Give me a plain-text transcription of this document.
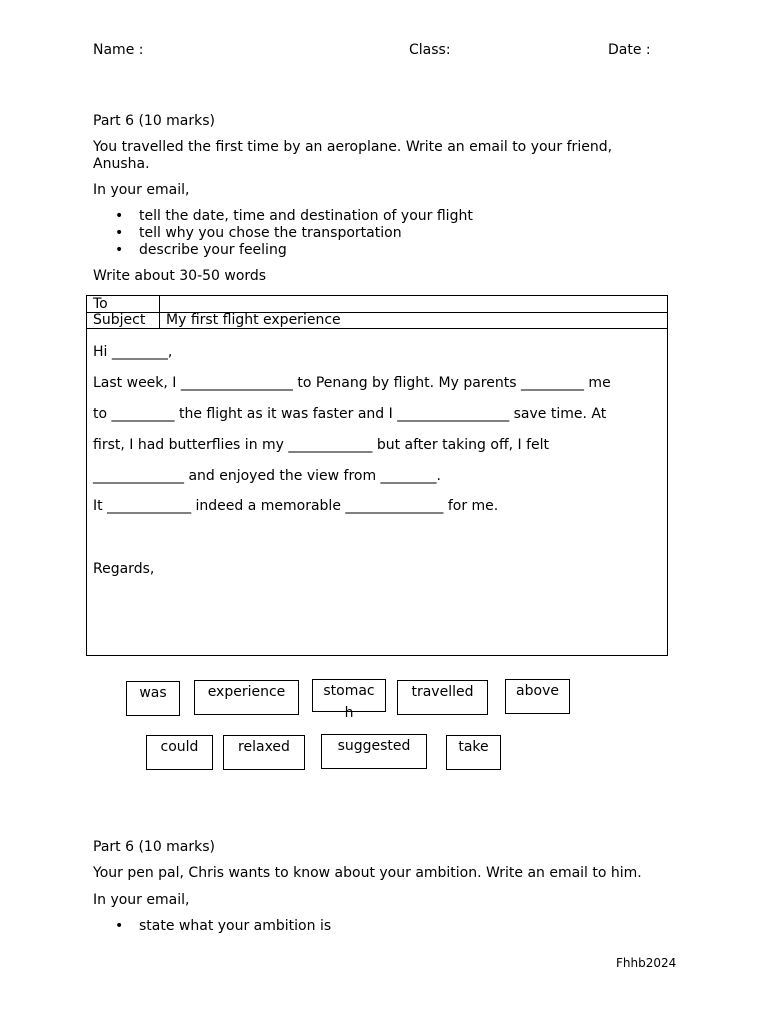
Name :	Class:	Date :

Part 6 (10 marks)

You travelled the first time by an aeroplane. Write an email to your friend,

Anusha.

In your email,

• tell the date, time and destination of your flight
• tell why you chose the transportation
• describe your feeling

Write about 30-50 words

To
Subject My first flight experience
Hi ________,
Last week, I ________________ to Penang by flight. My parents _________ me
to _________ the flight as it was faster and I ________________ save time. At
first, I had butterflies in my ____________ but after taking off, I felt
_____________ and enjoyed the view from ________.
It ____________ indeed a memorable ______________ for me.
Regards,
was	experience	stomach
travelled	above
could	relaxed	suggested	take

Part 6 (10 marks)

Your pen pal, Chris wants to know about your ambition. Write an email to him.

In your email,

• state what your ambition is
Fhhb2024
